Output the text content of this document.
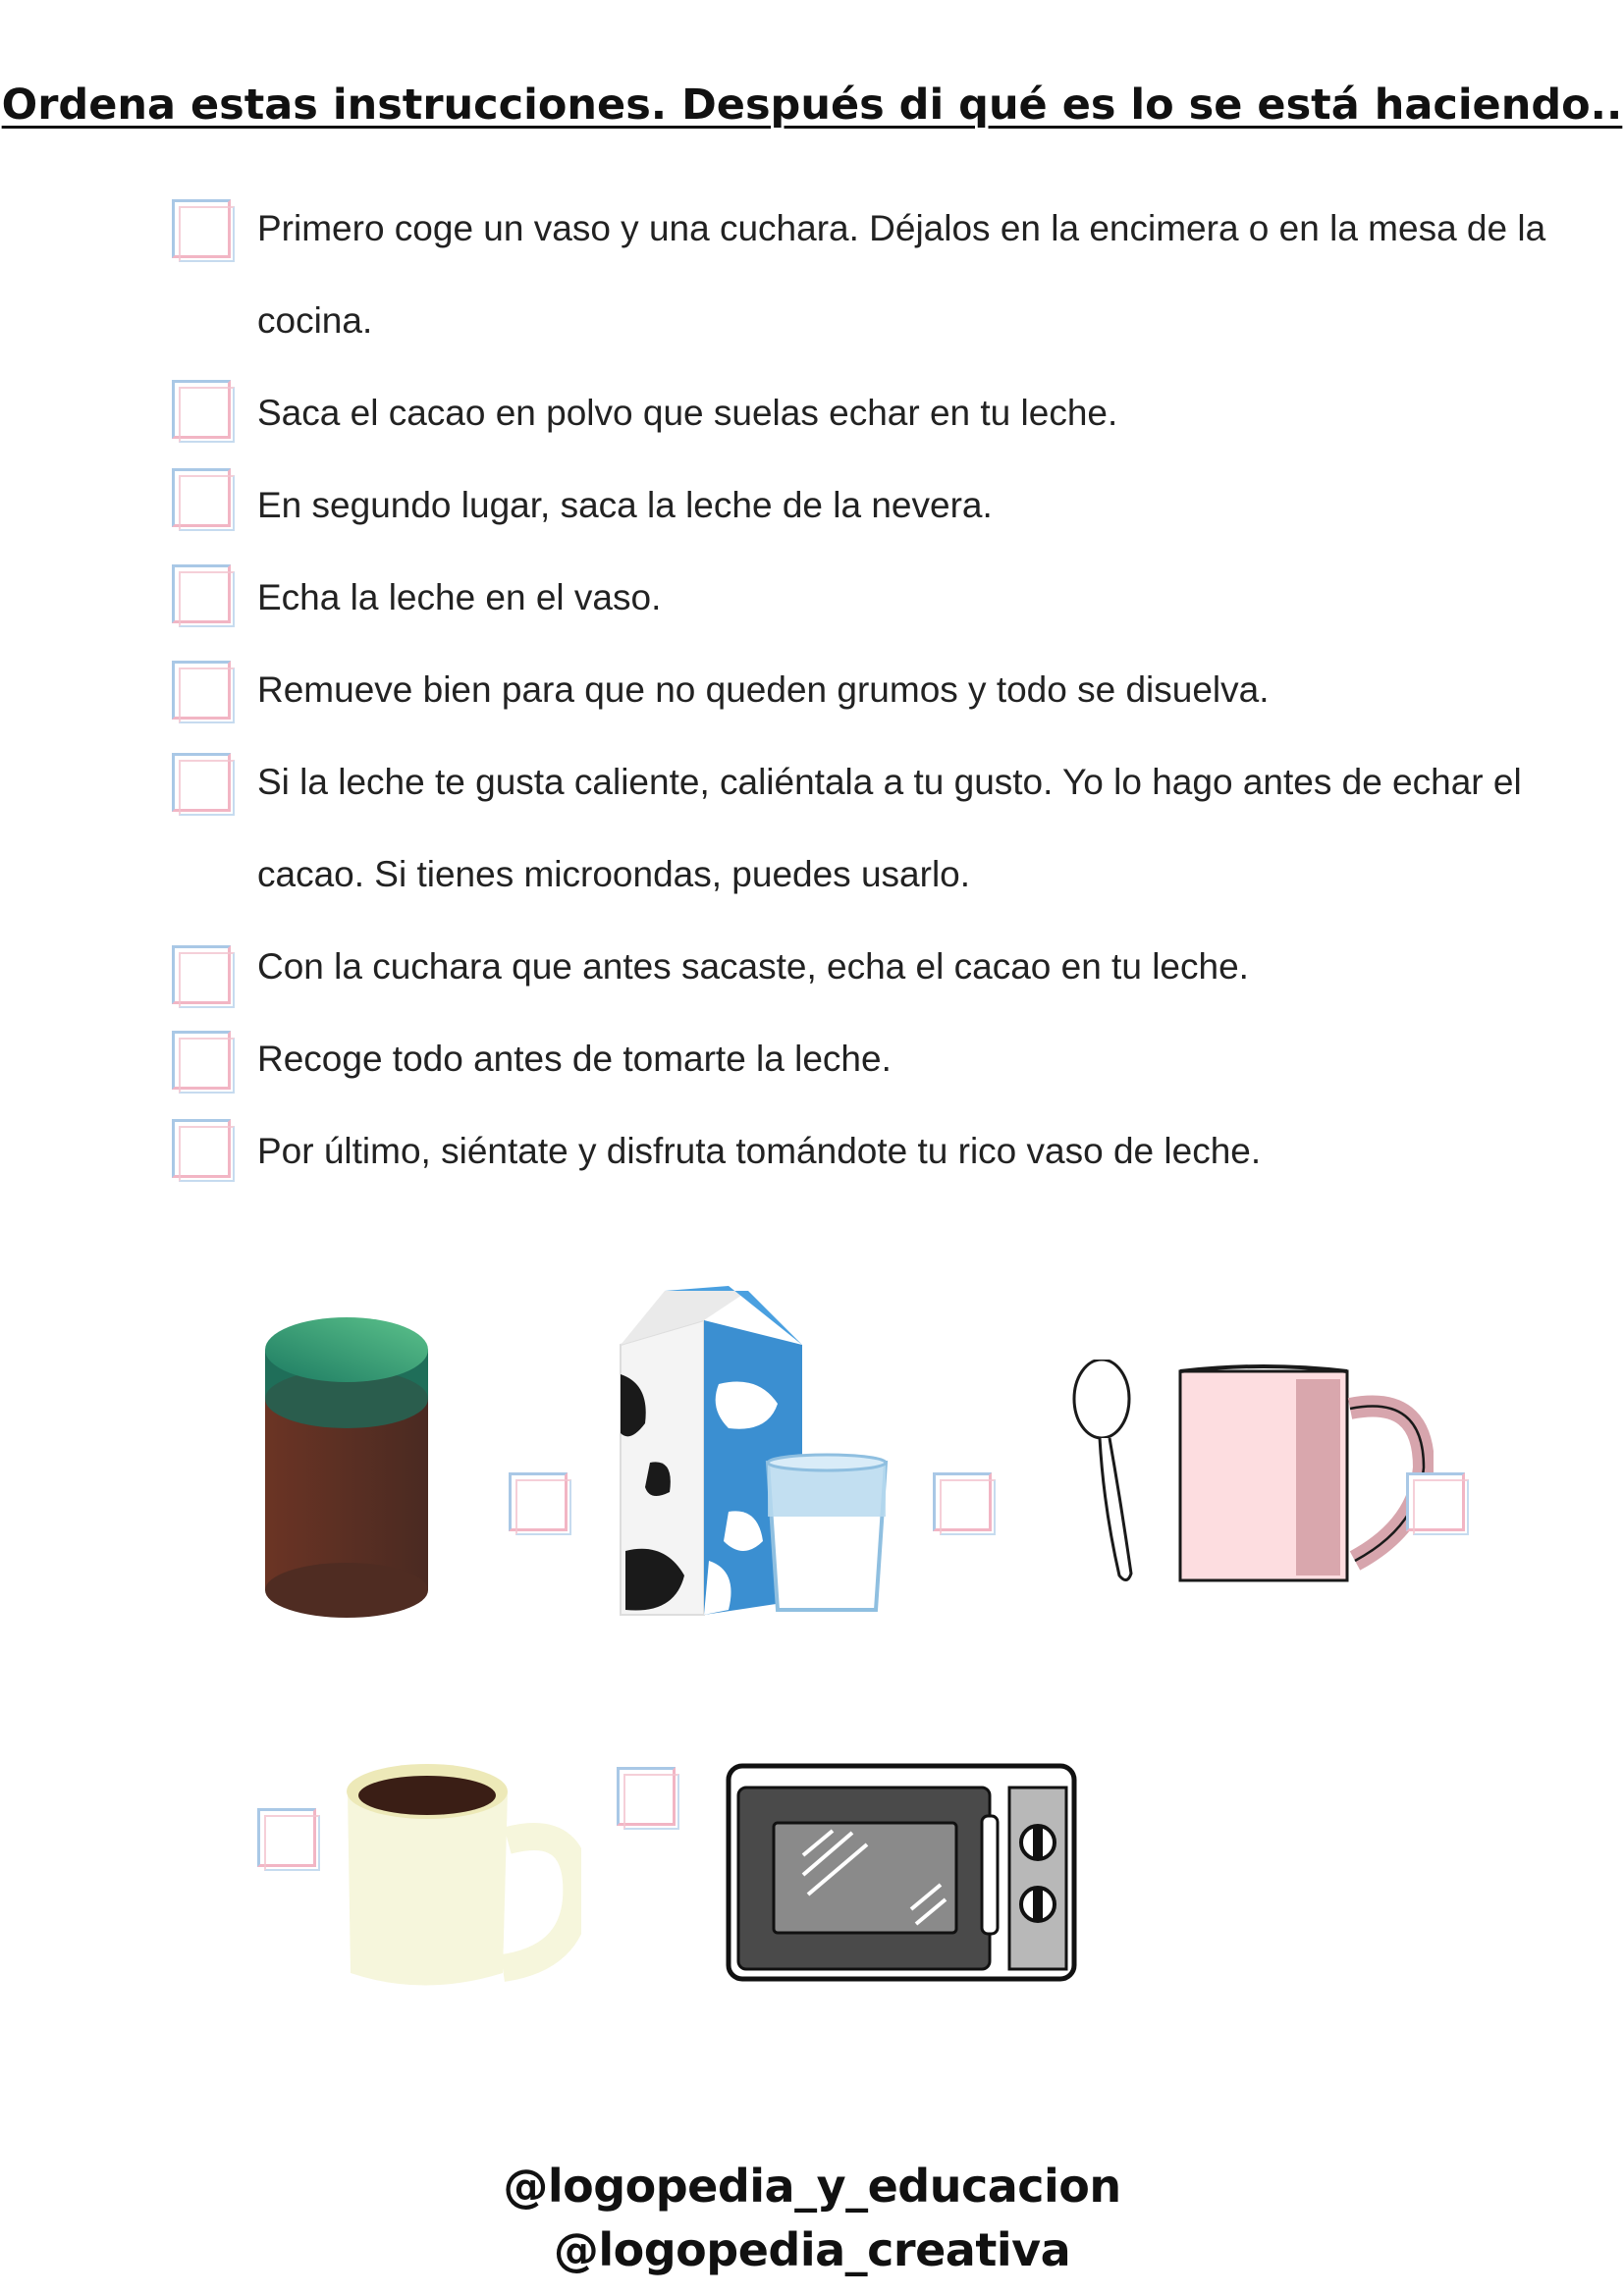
Ordena estas instrucciones. Después di qué es lo se está haciendo..
Primero coge un vaso y una cuchara. Déjalos en la encimera o en la mesa de la cocina.
Saca el cacao en polvo que suelas echar en tu leche.
En segundo lugar, saca la leche de la nevera.
Echa la leche en el vaso.
Remueve bien para que no queden grumos y todo se disuelva.
Si la leche te gusta caliente, caliéntala a tu gusto. Yo lo hago antes de echar el cacao. Si tienes microondas, puedes usarlo.
Con la cuchara que antes sacaste, echa el cacao en tu leche.
Recoge todo antes de tomarte la leche.
Por último, siéntate y disfruta tomándote tu rico vaso de leche.
@logopedia_y_educacion
@logopedia_creativa
